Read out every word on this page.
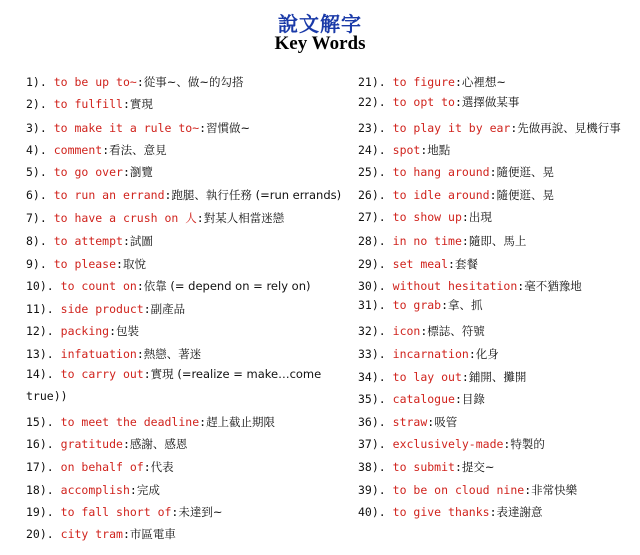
說文解字
Key Words
1). to be up to~:從事~、做~的勾搭
2). to fulfill:實現
3). to make it a rule to~:習慣做~
4). comment:看法、意見
5). to go over:瀏覽
6). to run an errand:跑腿、執行任務 (=run errands)
7). to have a crush on 人:對某人相當迷戀
8). to attempt:試圖
9). to please:取悅
10). to count on:依靠 (= depend on = rely on)
11). side product:副產品
12). packing:包裝
13). infatuation:熱戀、著迷
14). to carry out:實現 (=realize = make…come
15). to meet the deadline:趕上截止期限
16). gratitude:感謝、感恩
17). on behalf of:代表
18). accomplish:完成
19). to fall short of:未達到~
20). city tram:市區電車
true))
21). to figure:心裡想~
22). to opt to:選擇做某事
23). to play it by ear:先做再說、見機行事
24). spot:地點
25). to hang around:隨便逛、晃
26). to idle around:隨便逛、晃
27). to show up:出現
28). in no time:隨即、馬上
29). set meal:套餐
30). without hesitation:毫不猶豫地
31). to grab:拿、抓
32). icon:標誌、符號
33). incarnation:化身
34). to lay out:鋪開、攤開
35). catalogue:目錄
36). straw:吸管
37). exclusively-made:特製的
38). to submit:提交~
39). to be on cloud nine:非常快樂
40). to give thanks:表達謝意
